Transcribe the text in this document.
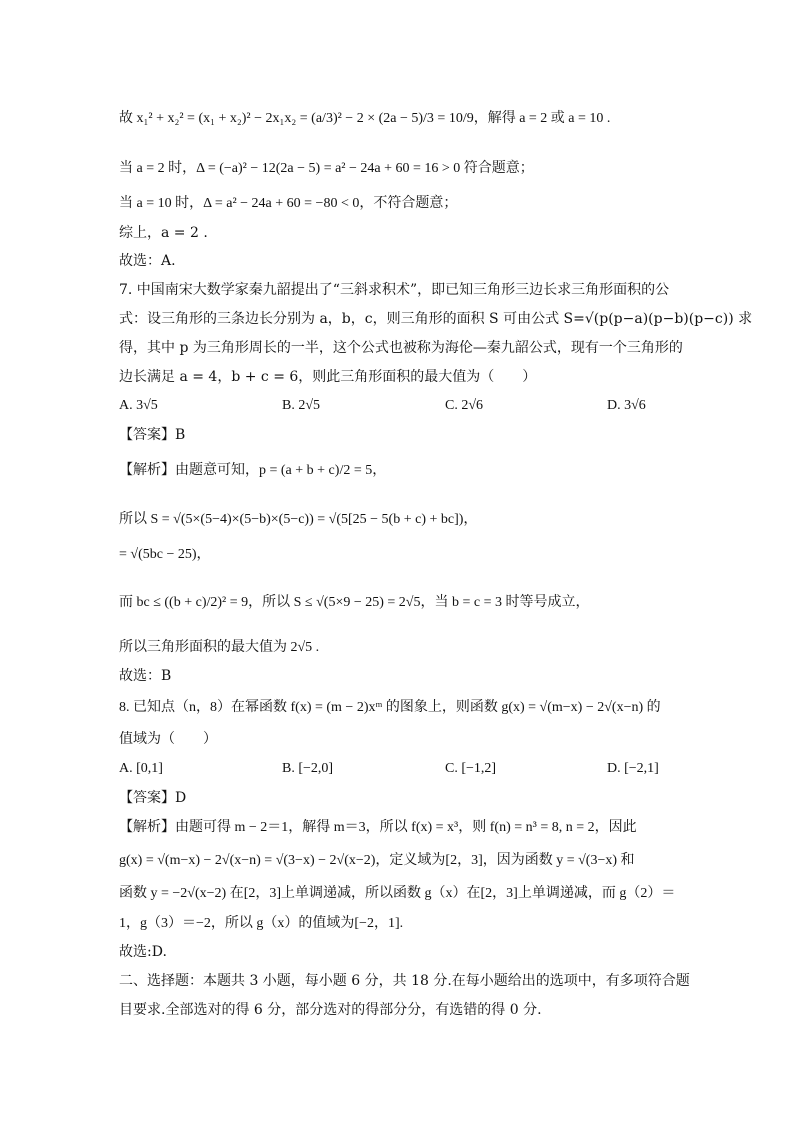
故 x₁² + x₂² = (x₁ + x₂)² − 2x₁x₂ = (a/3)² − 2 × (2a − 5)/3 = 10/9，解得 a = 2 或 a = 10 .
当 a = 2 时，Δ = (−a)² − 12(2a − 5) = a² − 24a + 60 = 16 > 0 符合题意；
当 a = 10 时，Δ = a² − 24a + 60 = −80 < 0，不符合题意；
综上，a = 2 .
故选：A.
7. 中国南宋大数学家秦九韶提出了“三斜求积术”，即已知三角形三边长求三角形面积的公
式：设三角形的三条边长分别为 a，b，c，则三角形的面积 S 可由公式 S=√(p(p−a)(p−b)(p−c)) 求
得，其中 p 为三角形周长的一半，这个公式也被称为海伦—秦九韶公式，现有一个三角形的
边长满足 a = 4，b + c = 6，则此三角形面积的最大值为（　　）
A. 3√5	B. 2√5	C. 2√6	D. 3√6
【答案】B
【解析】由题意可知，p = (a + b + c)/2 = 5，
所以 S = √(5×(5−4)×(5−b)×(5−c)) = √(5[25 − 5(b + c) + bc])，
= √(5bc − 25)，
而 bc ≤ ((b + c)/2)² = 9，所以 S ≤ √(5×9 − 25) = 2√5，当 b = c = 3 时等号成立，
所以三角形面积的最大值为 2√5 .
故选：B
8. 已知点（n，8）在幂函数 f(x) = (m − 2)xᵐ 的图象上，则函数 g(x) = √(m−x) − 2√(x−n) 的
值域为（　　）
A. [0,1]	B. [−2,0]	C. [−1,2]	D. [−2,1]
【答案】D
【解析】由题可得 m − 2＝1，解得 m＝3，所以 f(x) = x³，则 f(n) = n³ = 8, n = 2，因此
g(x) = √(m−x) − 2√(x−n) = √(3−x) − 2√(x−2)，定义域为[2，3]，因为函数 y = √(3−x) 和
函数 y = −2√(x−2) 在[2，3]上单调递减，所以函数 g（x）在[2，3]上单调递减，而 g（2）＝
1，g（3）＝−2，所以 g（x）的值域为[−2，1].
故选:D.
二、选择题：本题共 3 小题，每小题 6 分，共 18 分.在每小题给出的选项中，有多项符合题
目要求.全部选对的得 6 分，部分选对的得部分分，有选错的得 0 分.
